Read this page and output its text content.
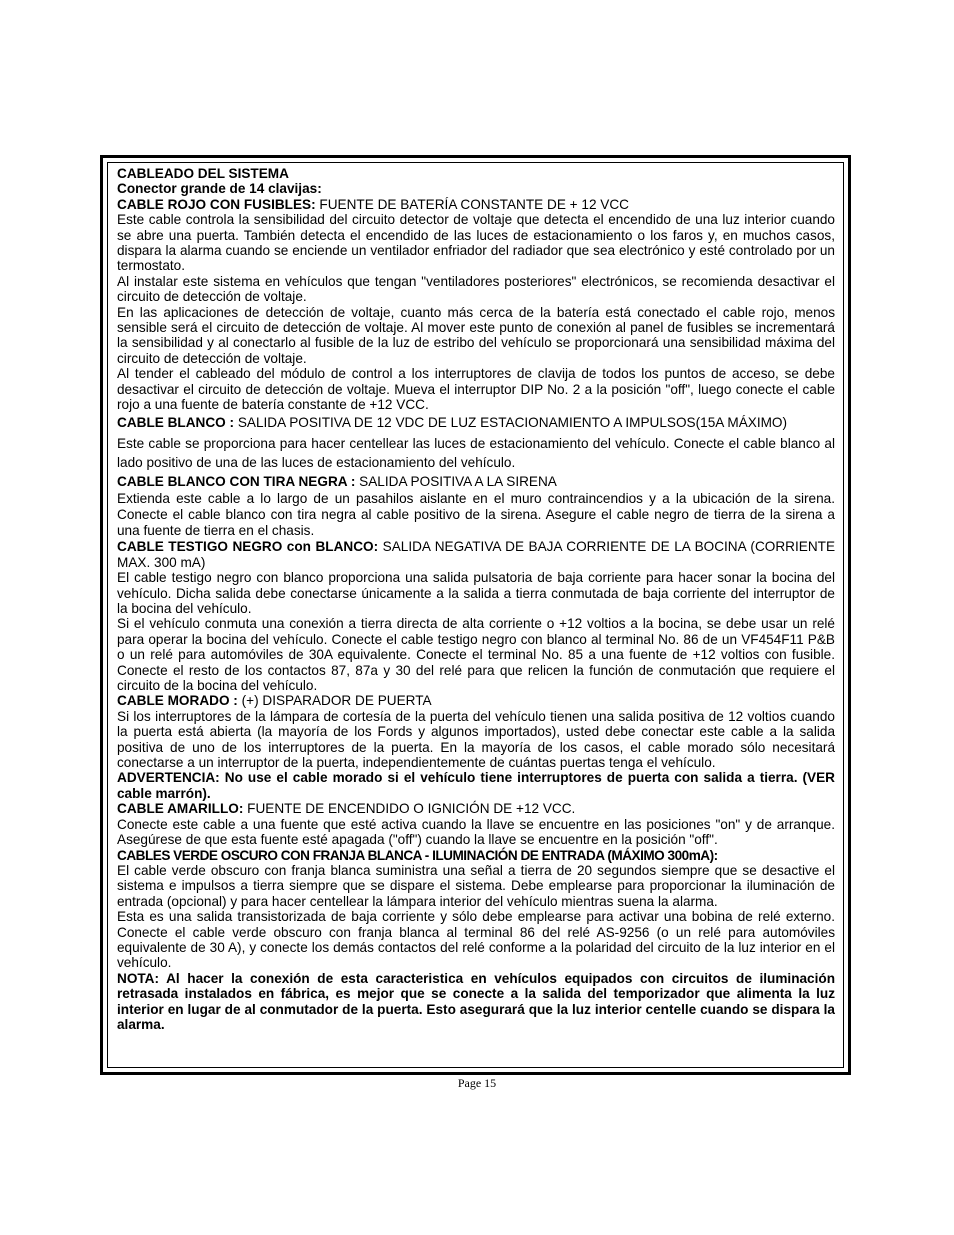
CABLEADO DEL SISTEMA

Conector grande de 14 clavijas:

CABLE ROJO CON FUSIBLES: FUENTE DE BATERÍA CONSTANTE DE + 12 VCC

Este cable controla la sensibilidad del circuito detector de voltaje que detecta el encendido de una luz interior cuando se abre una puerta. También detecta el encendido de las luces de estacionamiento o los faros y, en muchos casos, dispara la alarma cuando se enciende un ventilador enfriador del radiador que sea electrónico y esté controlado por un termostato.

Al instalar este sistema en vehículos que tengan "ventiladores posteriores" electrónicos, se recomienda desactivar el circuito de detección de voltaje.

En las aplicaciones de detección de voltaje, cuanto más cerca de la batería está conectado el cable rojo, menos sensible será el circuito de detección de voltaje. Al mover este punto de conexión al panel de fusibles se incrementará la sensibilidad y al conectarlo al fusible de la luz de estribo del vehículo se proporcionará una sensibilidad máxima del circuito de detección de voltaje.

Al tender el cableado del módulo de control a los interruptores de clavija de todos los puntos de acceso, se debe desactivar el circuito de detección de voltaje. Mueva el interruptor DIP No. 2 a la posición "off", luego conecte el cable rojo a una fuente de batería constante de +12 VCC.

CABLE BLANCO : SALIDA POSITIVA DE 12 VDC DE LUZ ESTACIONAMIENTO A IMPULSOS(15A MÁXIMO)

Este cable se proporciona para hacer centellear las luces de estacionamiento del vehículo. Conecte el cable blanco al lado positivo de una de las luces de estacionamiento del vehículo.

CABLE BLANCO CON TIRA NEGRA : SALIDA POSITIVA A LA SIRENA

Extienda este cable a lo largo de un pasahilos aislante en el muro contraincendios y a la ubicación de la sirena. Conecte el cable blanco con tira negra al cable positivo de la sirena. Asegure el cable negro de tierra de la sirena a una fuente de tierra en el chasis.

CABLE TESTIGO NEGRO con BLANCO: SALIDA NEGATIVA DE BAJA CORRIENTE DE LA BOCINA (CORRIENTE MAX. 300 mA)

El cable testigo negro con blanco proporciona una salida pulsatoria de baja corriente para hacer sonar la bocina del vehículo. Dicha salida debe conectarse únicamente a la salida a tierra conmutada de baja corriente del interruptor de la bocina del vehículo.

Si el vehículo conmuta una conexión a tierra directa de alta corriente o +12 voltios a la bocina, se debe usar un relé para operar la bocina del vehículo. Conecte el cable testigo negro con blanco al terminal No. 86 de un VF454F11 P&B o un relé para automóviles de 30A equivalente. Conecte el terminal No. 85 a una fuente de +12 voltios con fusible. Conecte el resto de los contactos 87, 87a y 30 del relé para que relicen la función de conmutación que requiere el circuito de la bocina del vehículo.

CABLE MORADO : (+) DISPARADOR DE PUERTA

Si los interruptores de la lámpara de cortesía de la puerta del vehículo tienen una salida positiva de 12 voltios cuando la puerta está abierta (la mayoría de los Fords y algunos importados), usted debe conectar este cable a la salida positiva de uno de los interruptores de la puerta. En la mayoría de los casos, el cable morado sólo necesitará conectarse a un interruptor de la puerta, independientemente de cuántas puertas tenga el vehículo.

ADVERTENCIA: No use el cable morado si el vehículo tiene interruptores de puerta con salida a tierra. (VER cable marrón).

CABLE AMARILLO: FUENTE DE ENCENDIDO O IGNICIÓN DE +12 VCC.

Conecte este cable a una fuente que esté activa cuando la llave se encuentre en las posiciones "on" y de arranque. Asegúrese de que esta fuente esté apagada ("off") cuando la llave se encuentre en la posición "off".

CABLES VERDE OSCURO CON FRANJA BLANCA - ILUMINACIÓN DE ENTRADA (MÁXIMO 300mA):

El cable verde obscuro con franja blanca suministra una señal a tierra de 20 segundos siempre que se desactive el sistema e impulsos a tierra siempre que se dispare el sistema. Debe emplearse para proporcionar la iluminación de entrada (opcional) y para hacer centellear la lámpara interior del vehículo mientras suena la alarma.

Esta es una salida transistorizada de baja corriente y sólo debe emplearse para activar una bobina de relé externo. Conecte el cable verde obscuro con franja blanca al terminal 86 del relé AS-9256 (o un relé para automóviles equivalente de 30 A), y conecte los demás contactos del relé conforme a la polaridad del circuito de la luz interior en el vehículo.

NOTA: Al hacer la conexión de esta caracteristica en vehículos equipados con circuitos de iluminación retrasada instalados en fábrica, es mejor que se conecte a la salida del temporizador que alimenta la luz interior en lugar de al conmutador de la puerta. Esto asegurará que la luz interior centelle cuando se dispara la alarma.

Page 15
